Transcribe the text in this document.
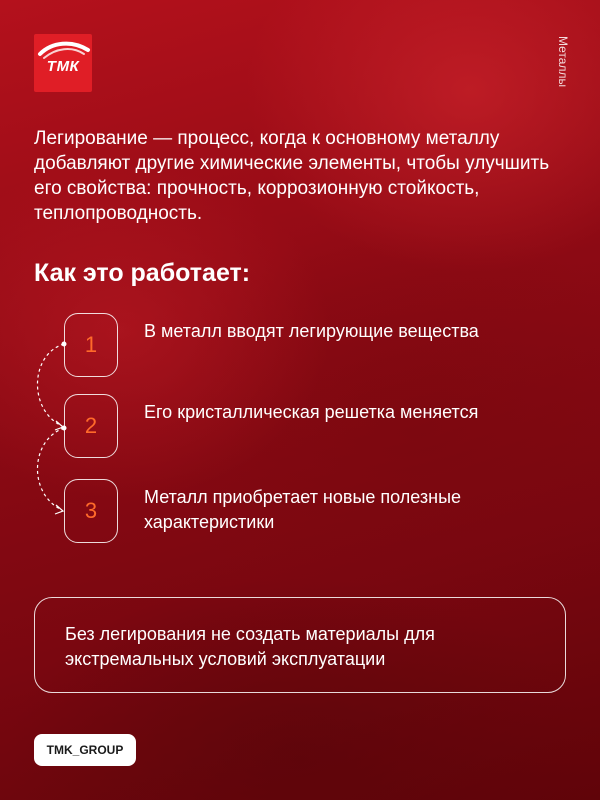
ТМК	Металлы
Легирование — процесс, когда к основному металлу добавляют другие химические элементы, чтобы улучшить его свойства: прочность, коррозионную стойкость, теплопроводность.
Как это работает:
1
В металл вводят легирующие вещества
2
Его кристаллическая решетка меняется
3
Металл приобретает новые полезные характеристики
Без легирования не создать материалы для экстремальных условий эксплуатации
TMK_GROUP
